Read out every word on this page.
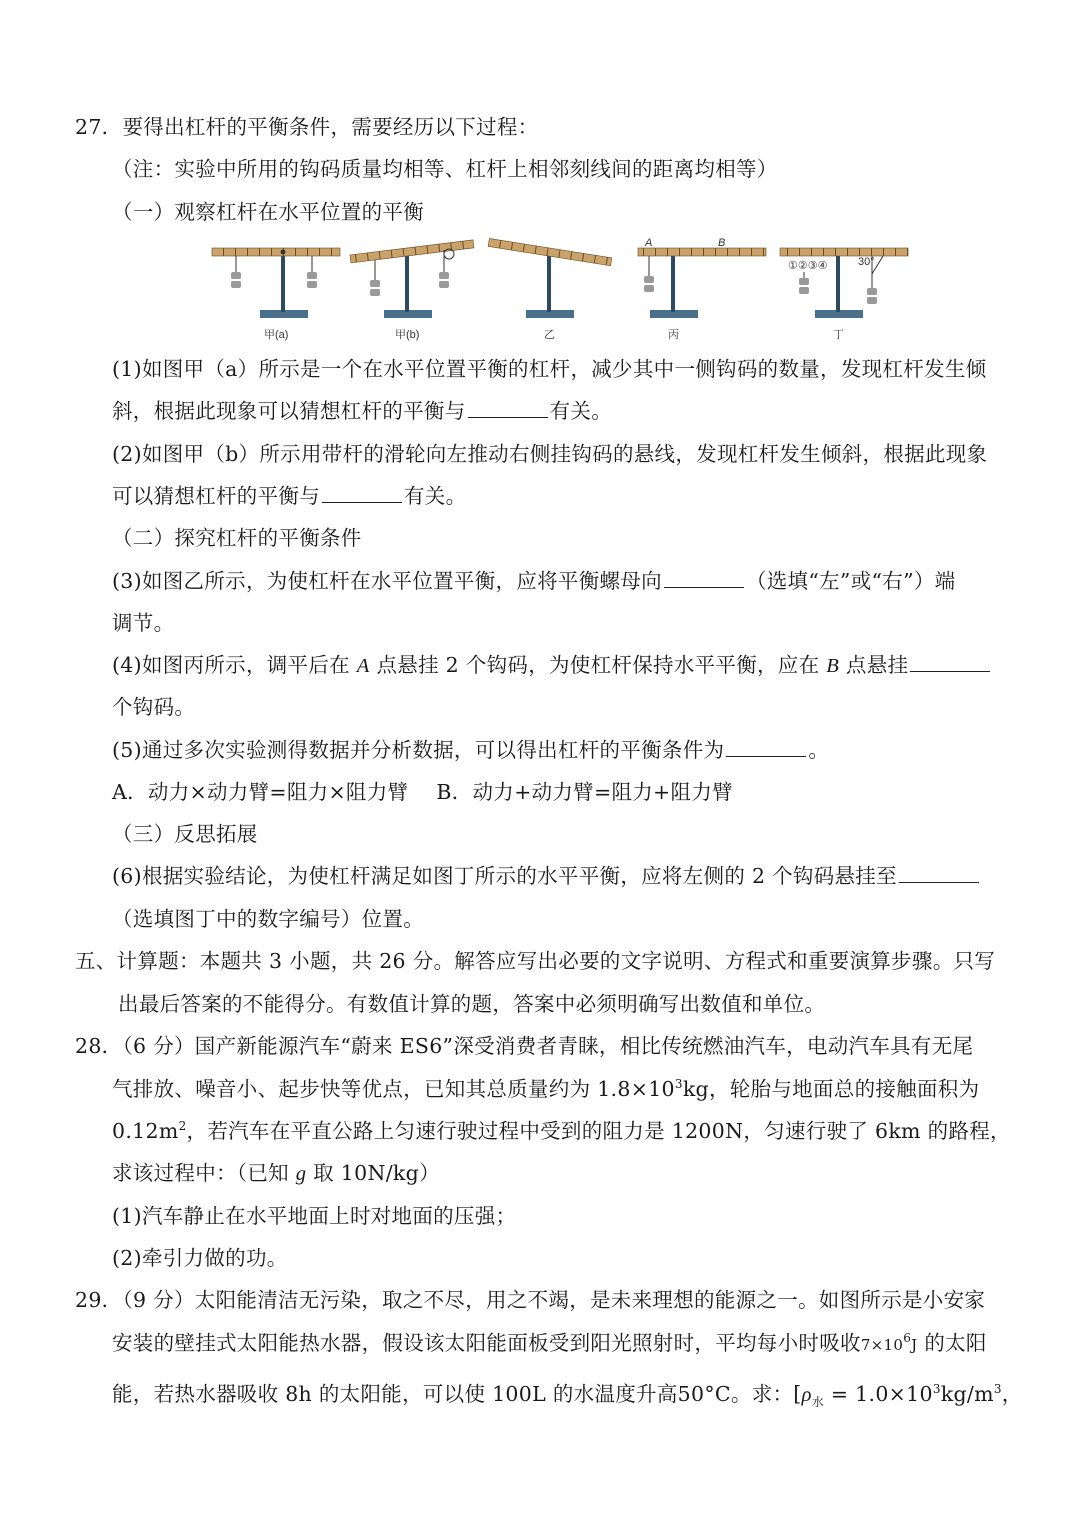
27．要得出杠杆的平衡条件，需要经历以下过程：
（注：实验中所用的钩码质量均相等、杠杆上相邻刻线间的距离均相等）
（一）观察杠杆在水平位置的平衡
A	B
①②③④	30°
甲(a)	甲(b)	乙	丙	丁
(1)如图甲（a）所示是一个在水平位置平衡的杠杆，减少其中一侧钩码的数量，发现杠杆发生倾
斜，根据此现象可以猜想杠杆的平衡与	有关。
(2)如图甲（b）所示用带杆的滑轮向左推动右侧挂钩码的悬线，发现杠杆发生倾斜，根据此现象
可以猜想杠杆的平衡与	有关。
（二）探究杠杆的平衡条件
(3)如图乙所示，为使杠杆在水平位置平衡，应将平衡螺母向	（选填“左”或“右”）端
调节。
(4)如图丙所示，调平后在 A 点悬挂 2 个钩码，为使杠杆保持水平平衡，应在 B 点悬挂
个钩码。
(5)通过多次实验测得数据并分析数据，可以得出杠杆的平衡条件为	。
A．动力×动力臂=阻力×阻力臂 B．动力+动力臂=阻力+阻力臂
（三）反思拓展
(6)根据实验结论，为使杠杆满足如图丁所示的水平平衡，应将左侧的 2 个钩码悬挂至
（选填图丁中的数字编号）位置。
五、计算题：本题共 3 小题，共 26 分。解答应写出必要的文字说明、方程式和重要演算步骤。只写
出最后答案的不能得分。有数值计算的题，答案中必须明确写出数值和单位。
28．（6 分）国产新能源汽车“蔚来 ES6”深受消费者青睐，相比传统燃油汽车，电动汽车具有无尾
气排放、噪音小、起步快等优点，已知其总质量约为 $1.8\times 10^3kg$，轮胎与地面总的接触面积为
$0.12m^2$，若汽车在平直公路上匀速行驶过程中受到的阻力是 1200N，匀速行驶了 6km 的路程，
求该过程中：（已知 g 取 10N/kg）
(1)汽车静止在水平地面上时对地面的压强；
(2)牵引力做的功。
29．（9 分）太阳能清洁无污染，取之不尽，用之不竭，是未来理想的能源之一。如图所示是小安家
安装的壁挂式太阳能热水器，假设该太阳能面板受到阳光照射时，平均每小时吸收$7\times 10^6J$ 的太阳
能，若热水器吸收 8h 的太阳能，可以使 100L 的水温度升高50°C。求：[$\rho_水 = 1.0\times 10^3kg/m^3$，
